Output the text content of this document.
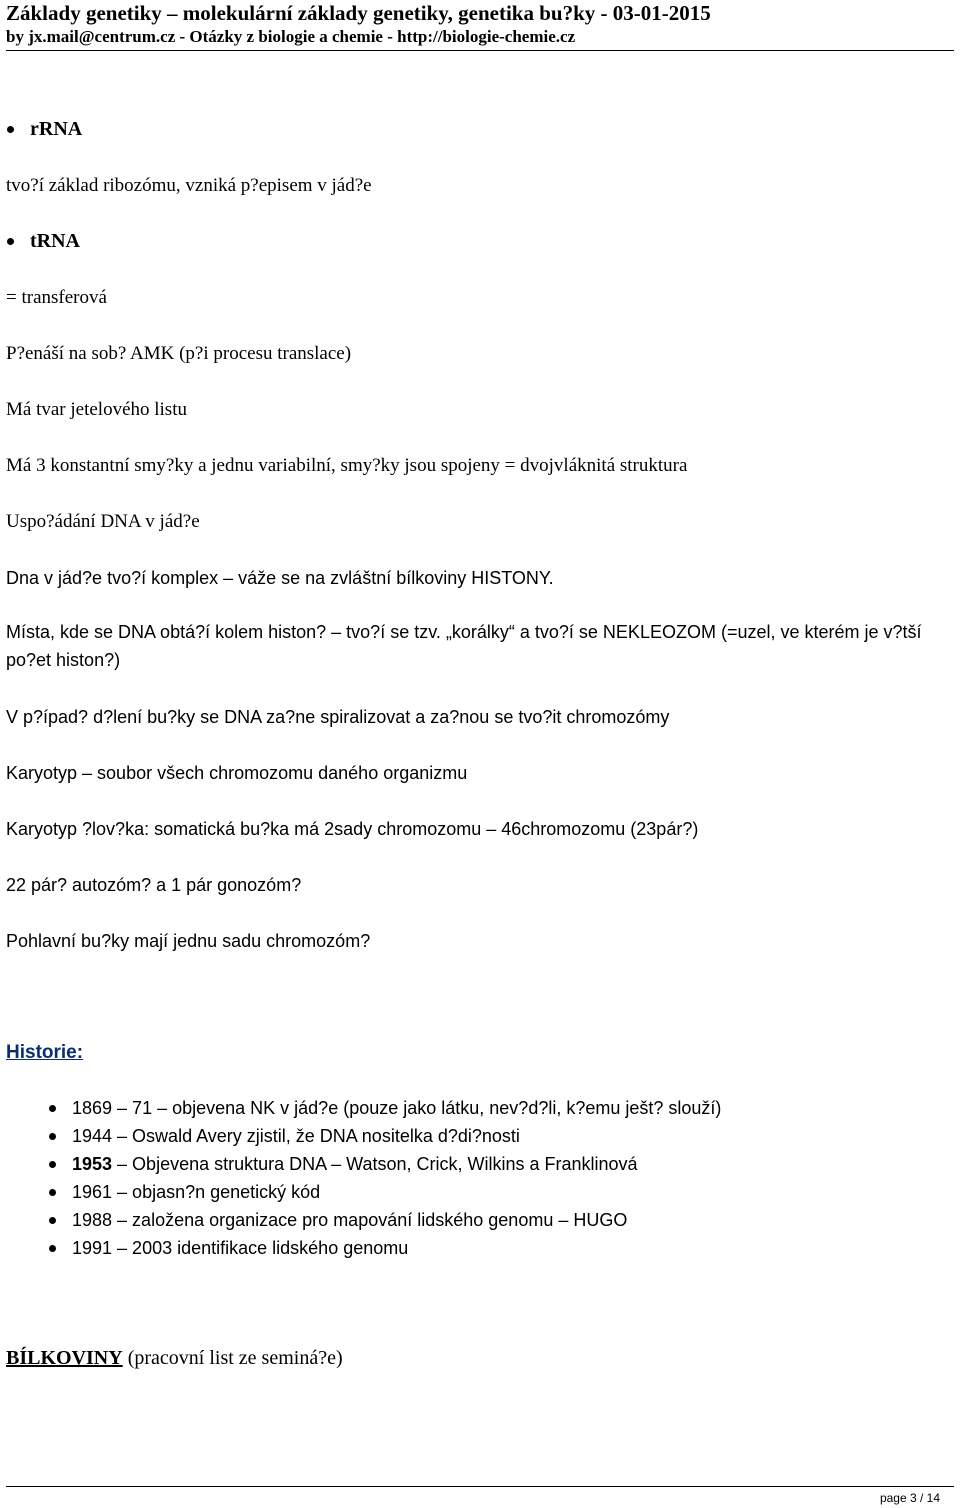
Základy genetiky – molekulární základy genetiky, genetika bu?ky - 03-01-2015
by jx.mail@centrum.cz - Otázky z biologie a chemie - http://biologie-chemie.cz
rRNA
tvo?í základ ribozómu, vzniká p?episem v jád?e
tRNA
= transferová
P?enáší na sob? AMK (p?i procesu translace)
Má tvar jetelového listu
Má 3 konstantní smy?ky a jednu variabilní, smy?ky jsou spojeny = dvojvláknitá struktura
Uspo?ádání DNA v jád?e
Dna v jád?e tvo?í komplex – váže se na zvláštní bílkoviny HISTONY.
Místa, kde se DNA obtá?í kolem histon? – tvo?í se tzv. „korálky“ a tvo?í se NEKLEOZOM (=uzel, ve kterém je v?tší po?et histon?)
V p?ípad? d?lení bu?ky se DNA za?ne spiralizovat a za?nou se tvo?it chromozómy
Karyotyp – soubor všech chromozomu daného organizmu
Karyotyp ?lov?ka: somatická bu?ka má 2sady chromozomu – 46chromozomu (23pár?)
22 pár? autozóm? a 1 pár gonozóm?
Pohlavní bu?ky mají jednu sadu chromozóm?
Historie:
1869 – 71 – objevena NK v jád?e (pouze jako látku, nev?d?li, k?emu ješt? slouží)
1944 – Oswald Avery zjistil, že DNA nositelka d?di?nosti
1953 – Objevena struktura DNA – Watson, Crick, Wilkins a Franklinová
1961 – objasn?n genetický kód
1988 – založena organizace pro mapování lidského genomu – HUGO
1991 – 2003 identifikace lidského genomu
BÍLKOVINY (pracovní list ze seminá?e)
page 3 / 14
